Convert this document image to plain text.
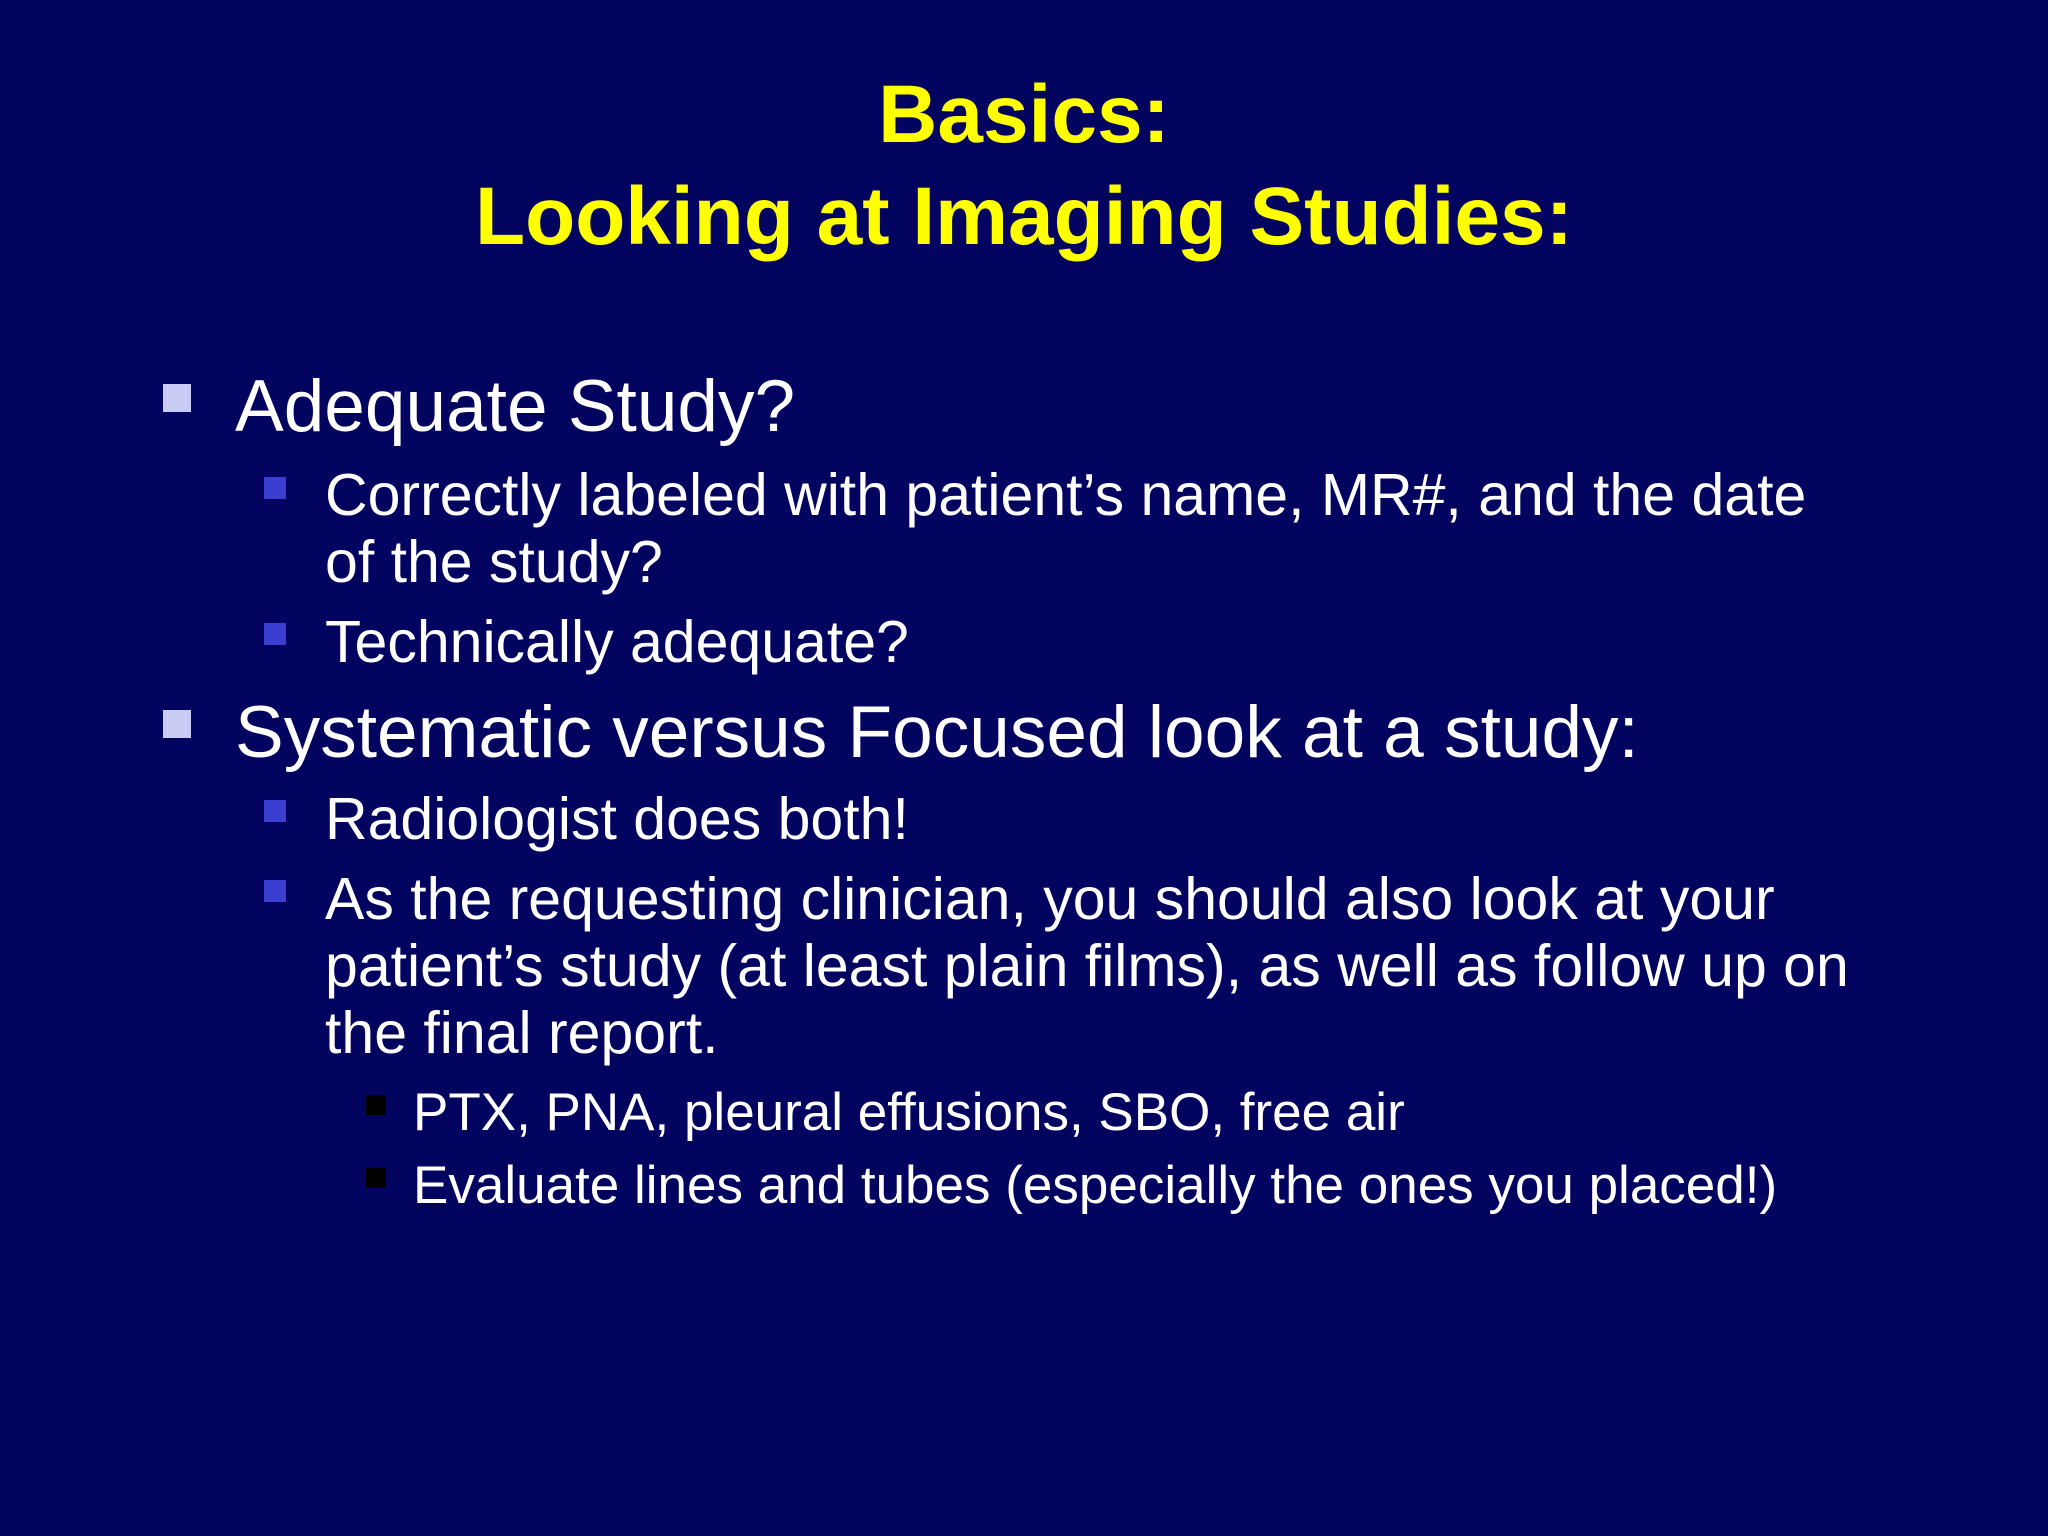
Basics:
Looking at Imaging Studies:
Adequate Study?
Correctly labeled with patient’s name, MR#, and the date
of the study?
Technically adequate?
Systematic versus Focused look at a study:
Radiologist does both!
As the requesting clinician, you should also look at your
patient’s study (at least plain films), as well as follow up on
the final report.
PTX, PNA, pleural effusions, SBO, free air
Evaluate lines and tubes (especially the ones you placed!)
